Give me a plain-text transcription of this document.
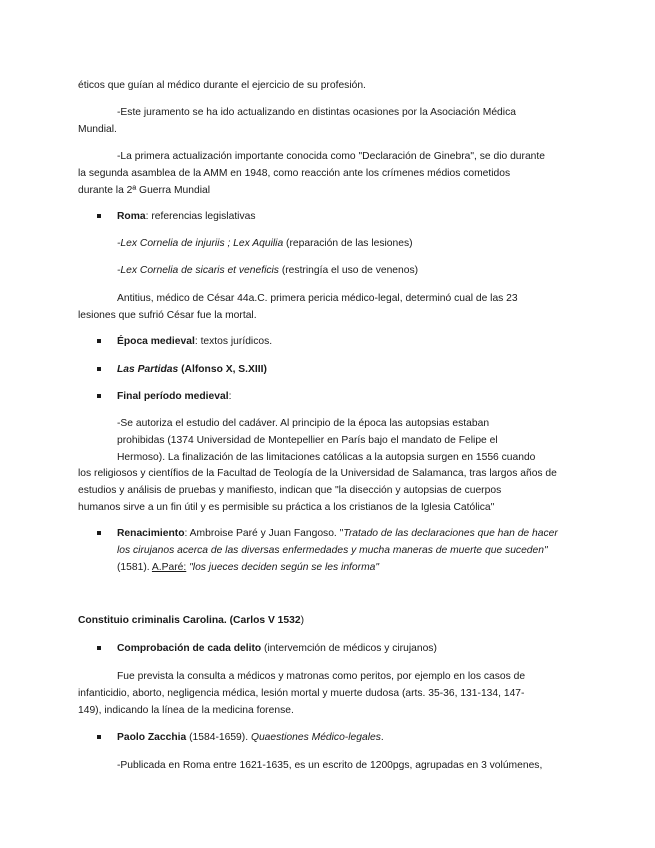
éticos que guían al médico durante el ejercicio de su profesión.
-Este juramento se ha ido actualizando en distintas ocasiones por la Asociación Médica
Mundial.
-La primera actualización importante conocida como "Declaración de Ginebra", se dio durante
la segunda asamblea de la AMM en 1948, como reacción ante los crímenes médios cometidos
durante la 2ª Guerra Mundial
Roma: referencias legislativas
-Lex Cornelia de injuriis ; Lex Aquilia (reparación de las lesiones)
-Lex Cornelia de sicaris et veneficis (restringía el uso de venenos)
Antitius, médico de César 44a.C. primera pericia médico-legal, determinó cual de las 23
lesiones que sufrió César fue la mortal.
Época medieval: textos jurídicos.
Las Partidas (Alfonso X, S.XIII)
Final período medieval:
-Se autoriza el estudio del cadáver. Al principio de la época las autopsias estaban
prohibidas (1374 Universidad de Montepellier en París bajo el mandato de Felipe el
Hermoso). La finalización de las limitaciones católicas a la autopsia surgen en 1556 cuando
los religiosos y científios de la Facultad de Teología de la Universidad de Salamanca, tras largos años de
estudios y análisis de pruebas y manifiesto, indican que "la disección y autopsias de cuerpos
humanos sirve a un fin útil y es permisible su práctica a los cristianos de la Iglesia Católica"
Renacimiento: Ambroise Paré y Juan Fangoso. "Tratado de las declaraciones que han de hacer
los cirujanos acerca de las diversas enfermedades y mucha maneras de muerte que suceden"
(1581). A.Paré: "los jueces deciden según se les informa"
Constituio criminalis Carolina. (Carlos V 1532)
Comprobación de cada delito (intervemción de médicos y cirujanos)
Fue prevista la consulta a médicos y matronas como peritos, por ejemplo en los casos de
infanticidio, aborto, negligencia médica, lesión mortal y muerte dudosa (arts. 35-36, 131-134, 147-
149), indicando la línea de la medicina forense.
Paolo Zacchia (1584-1659). Quaestiones Médico-legales.
-Publicada en Roma entre 1621-1635, es un escrito de 1200pgs, agrupadas en 3 volúmenes,
